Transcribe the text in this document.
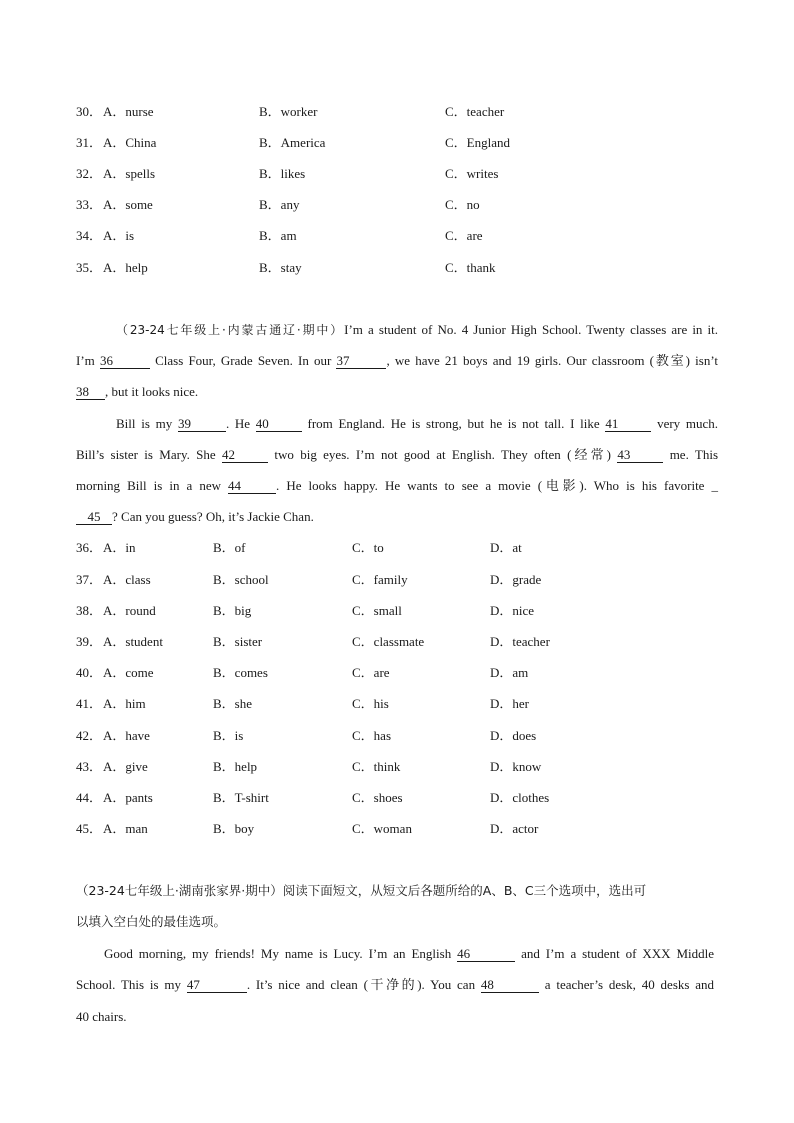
30． A．nurse	B．worker	C．teacher
31． A．China	B．America	C．England
32． A．spells	B．likes	C．writes
33． A．some	B．any	C．no
34． A．is	B．am	C．are
35． A．help	B．stay	C．thank
（23-24七年级上·内蒙古通辽·期中）I’m a student of No. 4 Junior High School. Twenty classes are in it.
I’m 36	Class Four, Grade Seven. In our 37	, we have 21 boys and 19 girls. Our classroom (教室) isn’t
38 , but it looks nice.
Bill is my 39	. He 40	from England. He is strong, but he is not tall. I like 41	very much.
Bill’s sister is Mary. She 42	two big eyes. I’m not good at English. They often (经常) 43	me. This
morning Bill is in a new 44	. He looks happy. He wants to see a movie (电影). Who is his favorite _
45 ? Can you guess? Oh, it’s Jackie Chan.
36． A．in	B．of	C．to	D．at
37． A．class	B．school	C．family	D．grade
38． A．round	B．big	C．small	D．nice
39． A．student	B．sister	C．classmate	D．teacher
40． A．come	B．comes	C．are	D．am
41． A．him	B．she	C．his	D．her
42． A．have	B．is	C．has	D．does
43． A．give	B．help	C．think	D．know
44． A．pants	B．T-shirt	C．shoes	D．clothes
45． A．man	B．boy	C．woman	D．actor
（23-24七年级上·湖南张家界·期中）阅读下面短文，从短文后各题所给的A、B、C三个选项中，选出可
以填入空白处的最佳选项。
Good morning, my friends! My name is Lucy. I’m an English 46	and I’m a student of XXX Middle
School. This is my 47	. It’s nice and clean (干净的). You can 48	a teacher’s desk, 40 desks and
40 chairs.
